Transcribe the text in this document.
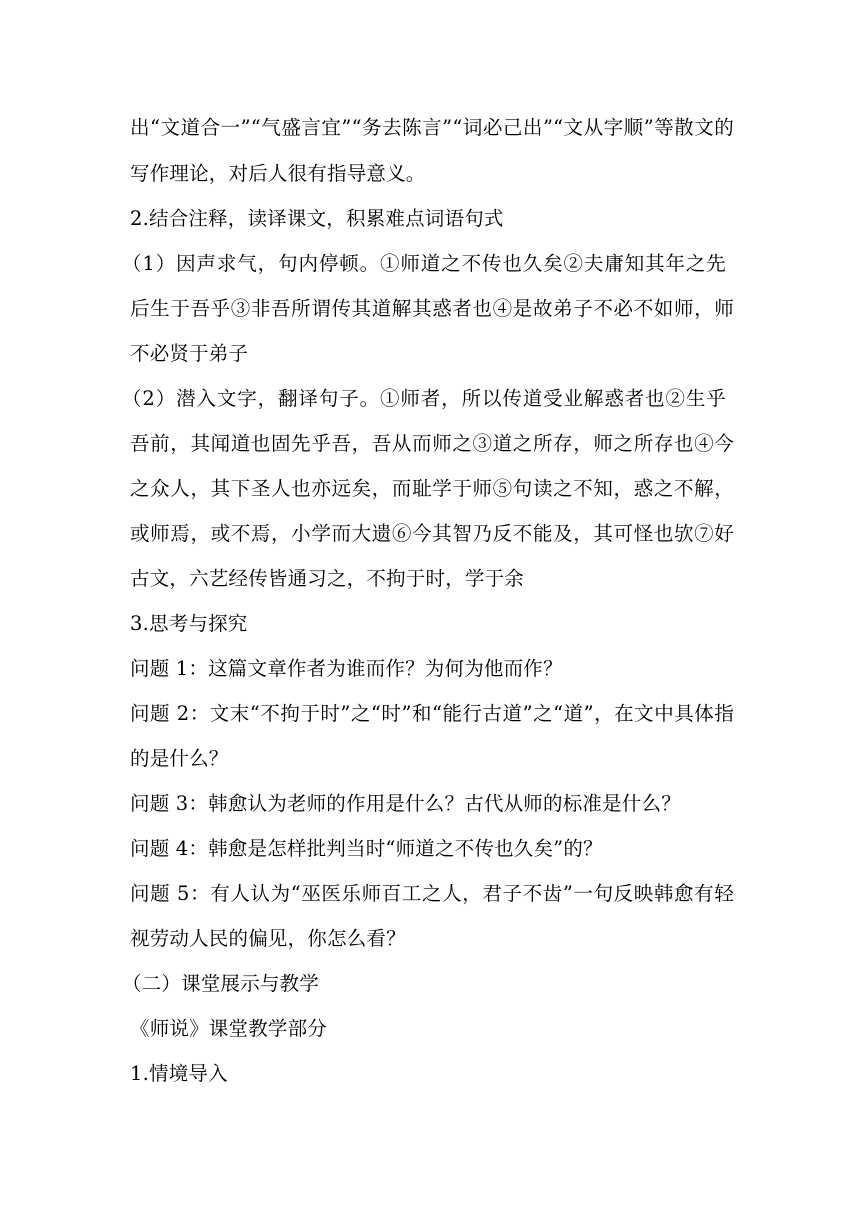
出“文道合一”“气盛言宜”“务去陈言”“词必己出”“文从字顺”等散文的
写作理论，对后人很有指导意义。
2.结合注释，读译课文，积累难点词语句式
（1）因声求气，句内停顿。①师道之不传也久矣②夫庸知其年之先
后生于吾乎③非吾所谓传其道解其惑者也④是故弟子不必不如师，师
不必贤于弟子
（2）潜入文字，翻译句子。①师者，所以传道受业解惑者也②生乎
吾前，其闻道也固先乎吾，吾从而师之③道之所存，师之所存也④今
之众人，其下圣人也亦远矣，而耻学于师⑤句读之不知，惑之不解，
或师焉，或不焉，小学而大遗⑥今其智乃反不能及，其可怪也欤⑦好
古文，六艺经传皆通习之，不拘于时，学于余
3.思考与探究
问题 1：这篇文章作者为谁而作？为何为他而作？
问题 2：文末“不拘于时”之“时”和“能行古道”之“道”，在文中具体指
的是什么？
问题 3：韩愈认为老师的作用是什么？古代从师的标准是什么？
问题 4：韩愈是怎样批判当时“师道之不传也久矣”的？
问题 5：有人认为“巫医乐师百工之人，君子不齿”一句反映韩愈有轻
视劳动人民的偏见，你怎么看？
（二）课堂展示与教学
《师说》课堂教学部分
1.情境导入
